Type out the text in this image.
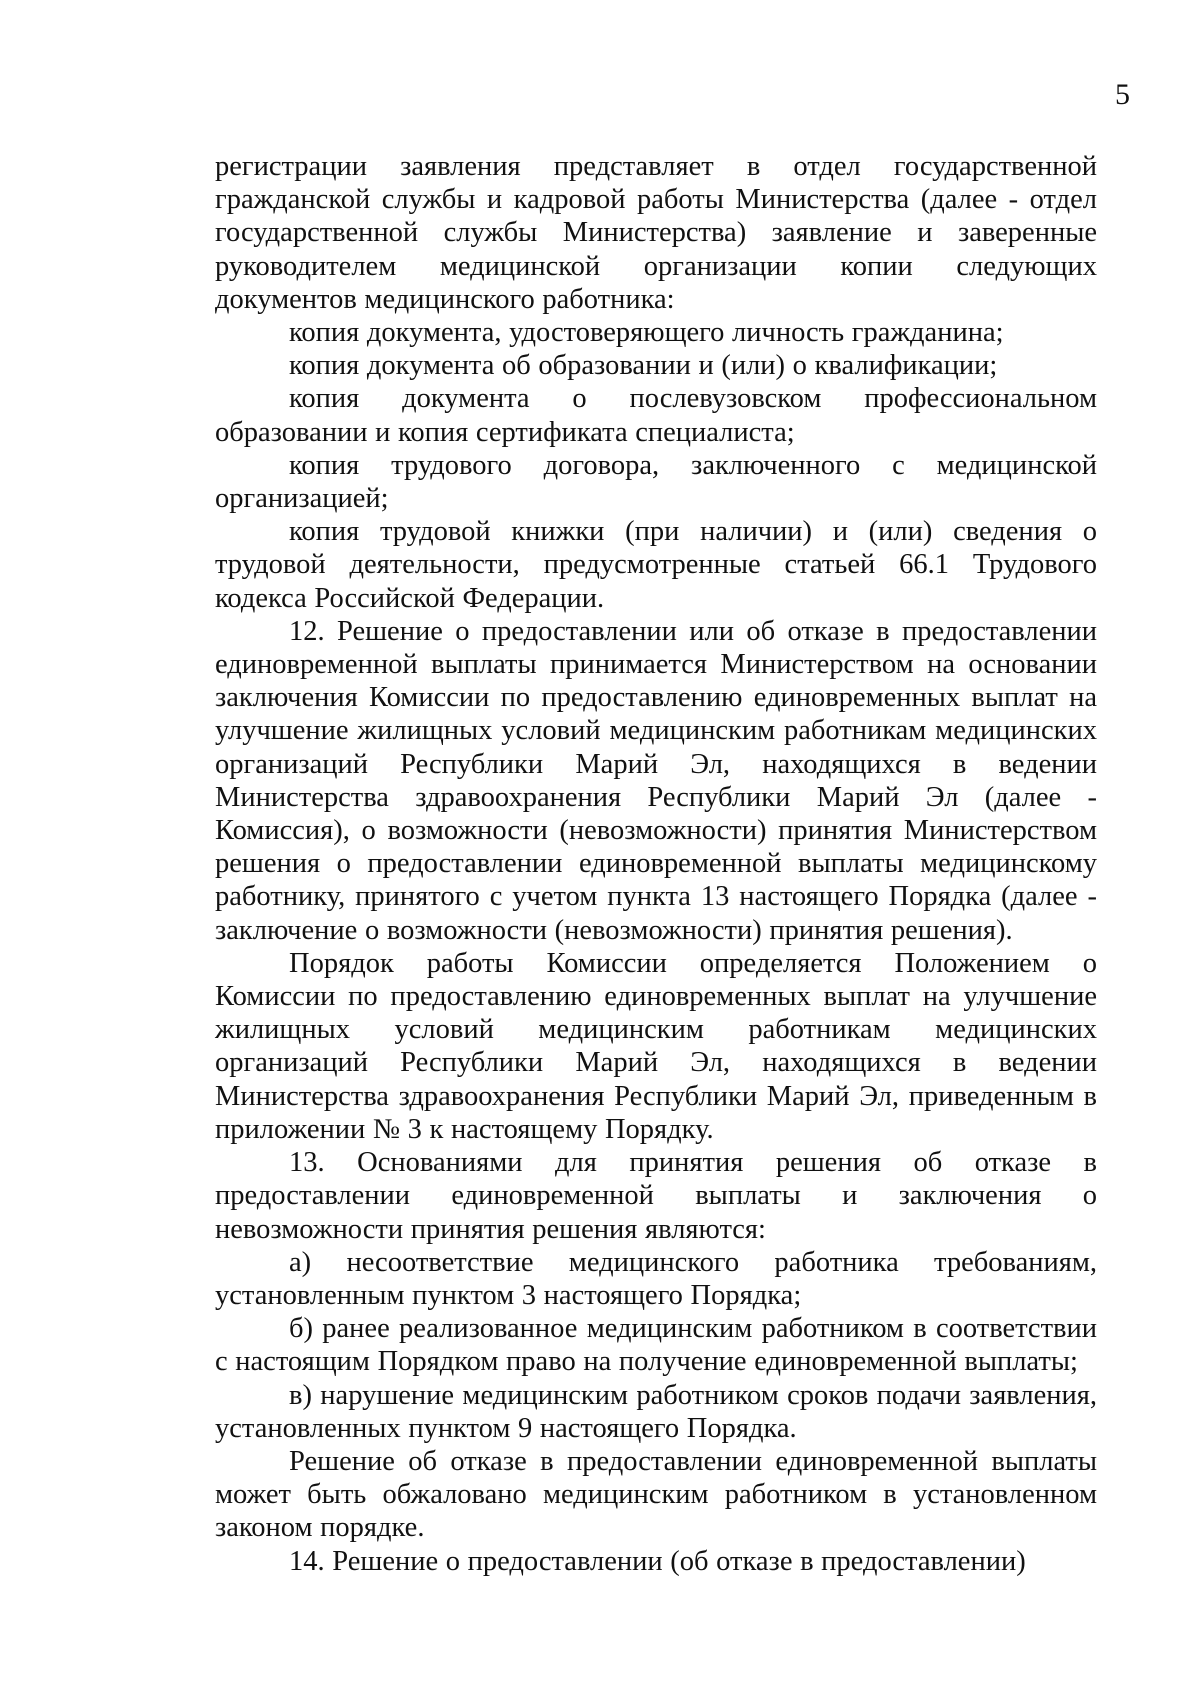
5

регистрации заявления представляет в отдел государственной гражданской службы и кадровой работы Министерства (далее - отдел государственной службы Министерства) заявление и заверенные руководителем медицинской организации копии следующих документов медицинского работника:

копия документа, удостоверяющего личность гражданина;

копия документа об образовании и (или) о квалификации;

копия документа о послевузовском профессиональном образовании и копия сертификата специалиста;

копия трудового договора, заключенного с медицинской организацией;

копия трудовой книжки (при наличии) и (или) сведения о трудовой деятельности, предусмотренные статьей 66.1 Трудового кодекса Российской Федерации.

12. Решение о предоставлении или об отказе в предоставлении единовременной выплаты принимается Министерством на основании заключения Комиссии по предоставлению единовременных выплат на улучшение жилищных условий медицинским работникам медицинских организаций Республики Марий Эл, находящихся в ведении Министерства здравоохранения Республики Марий Эл (далее - Комиссия), о возможности (невозможности) принятия Министерством решения о предоставлении единовременной выплаты медицинскому работнику, принятого с учетом пункта 13 настоящего Порядка (далее - заключение о возможности (невозможности) принятия решения).

Порядок работы Комиссии определяется Положением о Комиссии по предоставлению единовременных выплат на улучшение жилищных условий медицинским работникам медицинских организаций Республики Марий Эл, находящихся в ведении Министерства здравоохранения Республики Марий Эл, приведенным в приложении № 3 к настоящему Порядку.

13. Основаниями для принятия решения об отказе в предоставлении единовременной выплаты и заключения о невозможности принятия решения являются:

а) несоответствие медицинского работника требованиям, установленным пунктом 3 настоящего Порядка;

б) ранее реализованное медицинским работником в соответствии с настоящим Порядком право на получение единовременной выплаты;

в) нарушение медицинским работником сроков подачи заявления, установленных пунктом 9 настоящего Порядка.

Решение об отказе в предоставлении единовременной выплаты может быть обжаловано медицинским работником в установленном законом порядке.

14. Решение о предоставлении (об отказе в предоставлении)
